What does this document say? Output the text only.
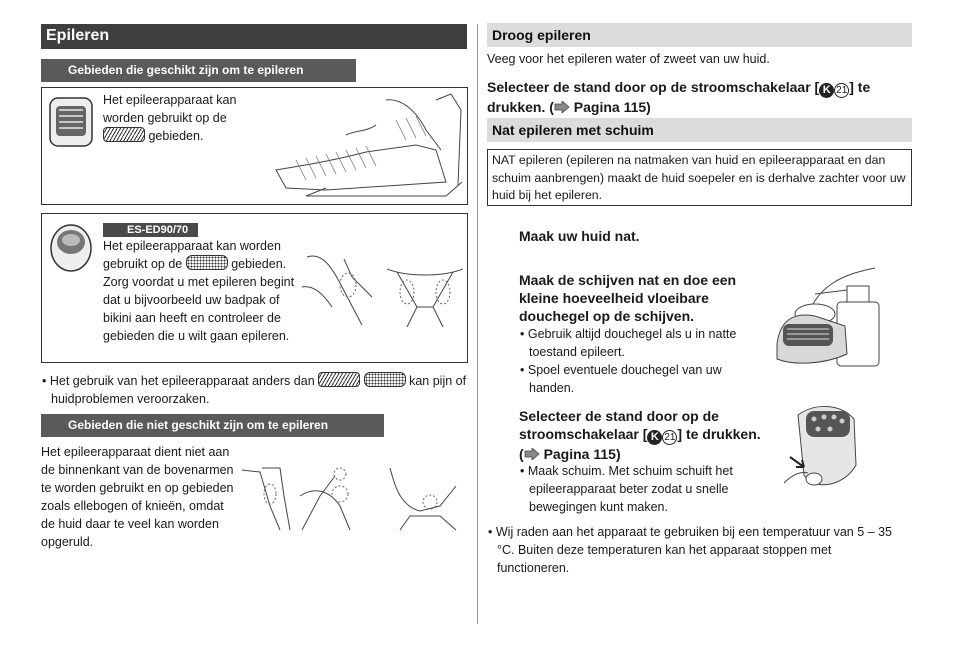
Epileren
Gebieden die geschikt zijn om te epileren
Het epileerapparaat kan worden gebruikt op de  gebieden.
ES-ED90/70
Het epileerapparaat kan worden
gebruikt op de	gebieden.
Zorg voordat u met epileren begint dat u bijvoorbeeld uw badpak of bikini aan heeft en controleer de gebieden die u wilt gaan epileren.
• Het gebruik van het epileerapparaat anders dan	kan pijn of huidproblemen veroorzaken.
Gebieden die niet geschikt zijn om te epileren
Het epileerapparaat dient niet aan de binnenkant van de bovenarmen te worden gebruikt en op gebieden zoals ellebogen of knieën, omdat de huid daar te veel kan worden opgeruld.
Droog epileren
Veeg voor het epileren water of zweet van uw huid.
Selecteer de stand door op de stroomschakelaar [ K 21 ] te drukken. ( Pagina 115)
Nat epileren met schuim
NAT epileren (epileren na natmaken van huid en epileerapparaat en dan schuim aanbrengen) maakt de huid soepeler en is derhalve zachter voor uw huid bij het epileren.
Maak uw huid nat.
Maak de schijven nat en doe een kleine hoeveelheid vloeibare douchegel op de schijven.
• Gebruik altijd douchegel als u in natte toestand epileert.
• Spoel eventuele douchegel van uw handen.
Selecteer de stand door op de stroomschakelaar [ K 21 ] te drukken. ( Pagina 115)
• Maak schuim. Met schuim schuift het epileerapparaat beter zodat u snelle bewegingen kunt maken.
• Wij raden aan het apparaat te gebruiken bij een temperatuur van 5 – 35 °C. Buiten deze temperaturen kan het apparaat stoppen met functioneren.
